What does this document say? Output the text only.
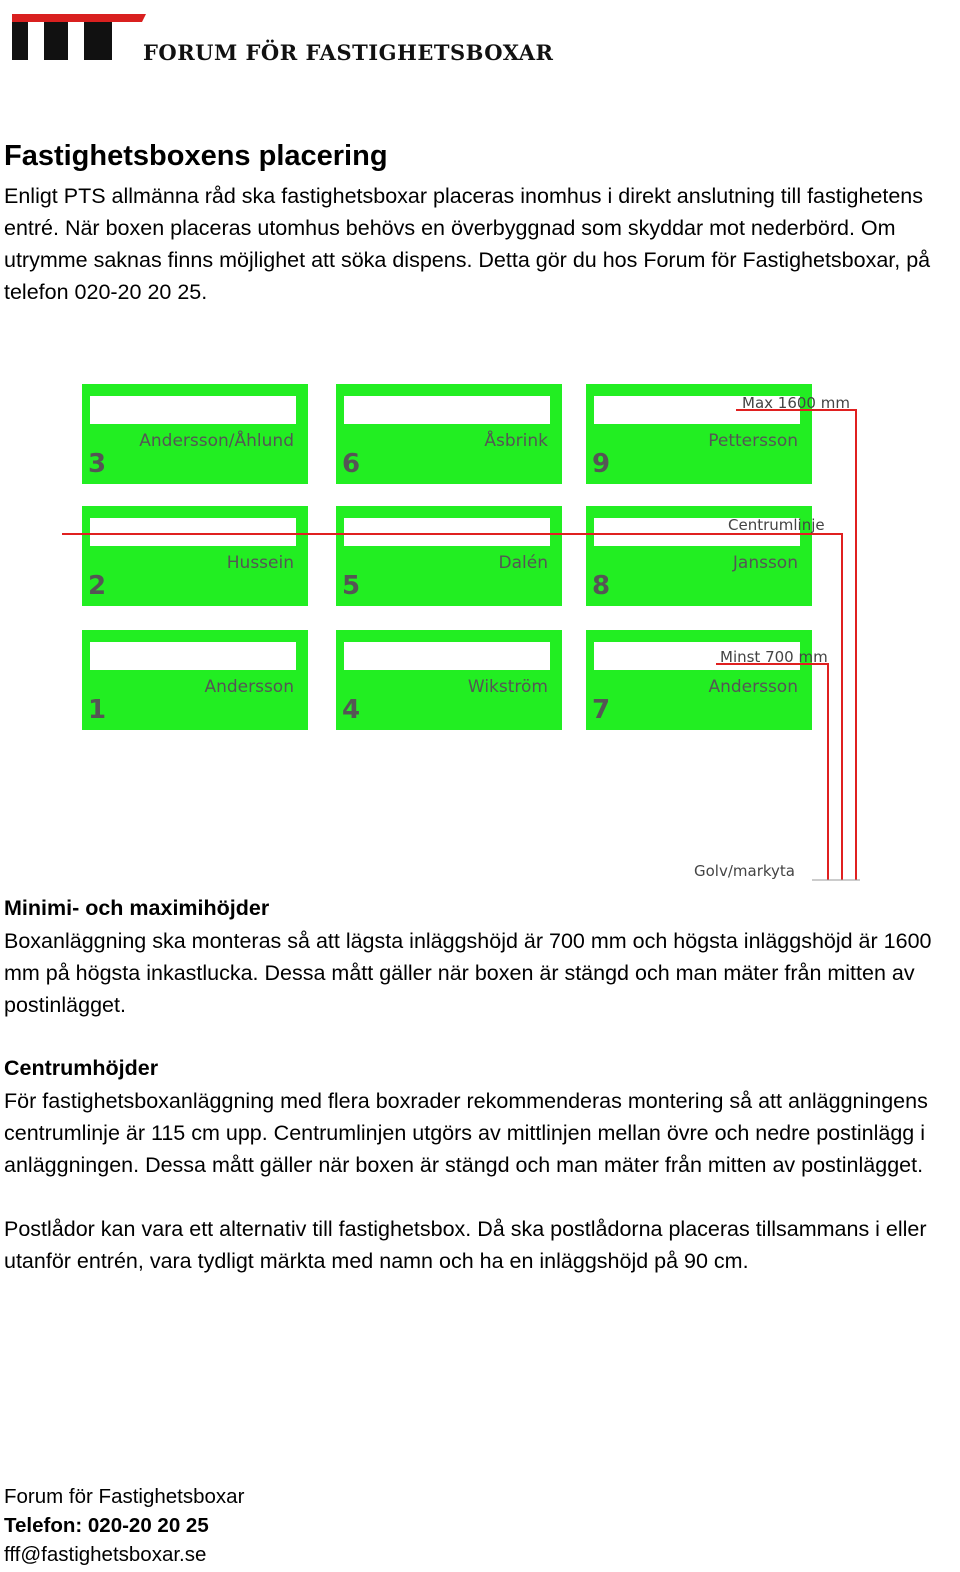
FORUM FÖR FASTIGHETSBOXAR
Fastighetsboxens placering

Enligt PTS allmänna råd ska fastighetsboxar placeras inomhus i direkt anslutning till fastighetens entré. När boxen placeras utomhus behövs en överbyggnad som skyddar mot nederbörd. Om utrymme saknas finns möjlighet att söka dispens. Detta gör du hos Forum för Fastighetsboxar, på telefon 020-20 20 25.

3
Andersson/Åhlund
6
Åsbrink
9
Pettersson
2
Hussein
5
Dalén
8
Jansson
1
Andersson
4
Wikström
7
Andersson
Max 1600 mm
Centrumlinje
Minst 700 mm
Golv/markyta
Minimi- och maximihöjder

Boxanläggning ska monteras så att lägsta inläggshöjd är 700 mm och högsta inläggshöjd är 1600 mm på högsta inkastlucka. Dessa mått gäller när boxen är stängd och man mäter från mitten av postinlägget.

Centrumhöjder

För fastighetsboxanläggning med flera boxrader rekommenderas montering så att anläggningens centrumlinje är 115 cm upp. Centrumlinjen utgörs av mittlinjen mellan övre och nedre postinlägg i anläggningen. Dessa mått gäller när boxen är stängd och man mäter från mitten av postinlägget.

Postlådor kan vara ett alternativ till fastighetsbox. Då ska postlådorna placeras tillsammans i eller utanför entrén, vara tydligt märkta med namn och ha en inläggshöjd på 90 cm.

Forum för Fastighetsboxar
Telefon: 020-20 20 25
fff@fastighetsboxar.se
